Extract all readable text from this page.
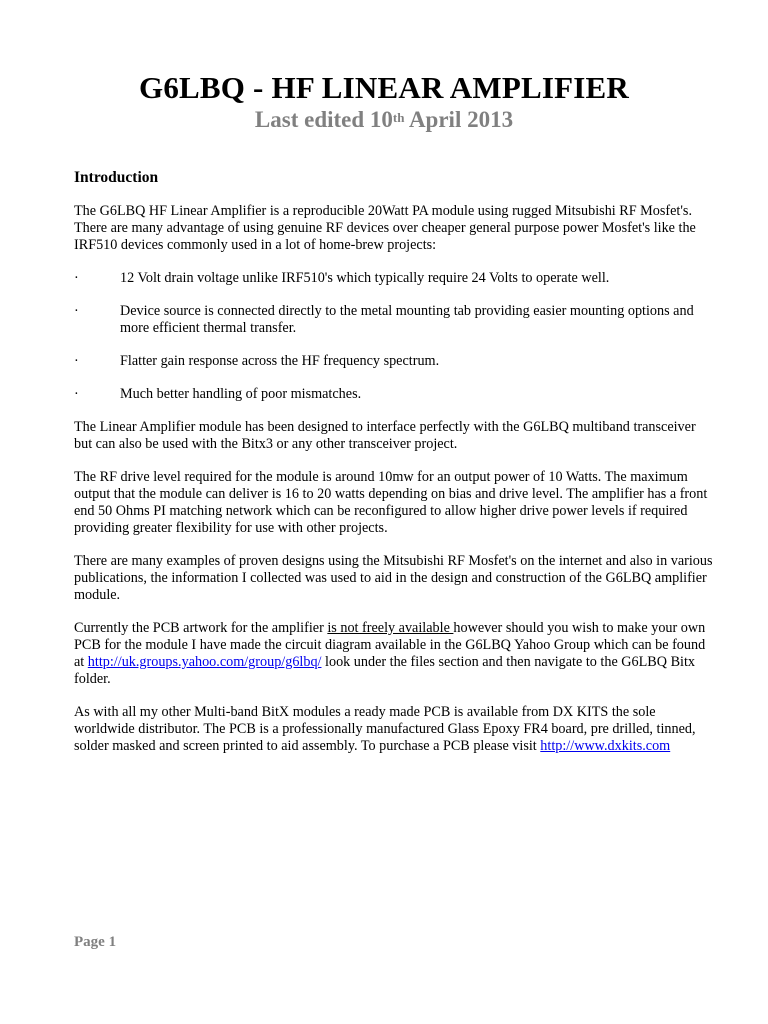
G6LBQ - HF LINEAR AMPLIFIER
Last edited 10th April 2013
Introduction

The G6LBQ HF Linear Amplifier is a reproducible 20Watt PA module using rugged Mitsubishi RF Mosfet's. There are many advantage of using genuine RF devices over cheaper general purpose power Mosfet's like the IRF510 devices commonly used in a lot of home-brew projects:

·	12 Volt drain voltage unlike IRF510's which typically require 24 Volts to operate well.
·	Device source is connected directly to the metal mounting tab providing easier mounting options and more efficient thermal transfer.
·	Flatter gain response across the HF frequency spectrum.
·	Much better handling of poor mismatches.

The Linear Amplifier module has been designed to interface perfectly with the G6LBQ multiband transceiver but can also be used with the Bitx3 or any other transceiver project.

The RF drive level required for the module is around 10mw for an output power of 10 Watts. The maximum output that the module can deliver is 16 to 20 watts depending on bias and drive level. The amplifier has a front end 50 Ohms PI matching network which can be reconfigured to allow higher drive power levels if required providing greater flexibility for use with other projects.

There are many examples of proven designs using the Mitsubishi RF Mosfet's on the internet and also in various publications, the information I collected was used to aid in the design and construction of the G6LBQ amplifier module.

Currently the PCB artwork for the amplifier is not freely available however should you wish to make your own PCB for the module I have made the circuit diagram available in the G6LBQ Yahoo Group which can be found at http://uk.groups.yahoo.com/group/g6lbq/ look under the files section and then navigate to the G6LBQ Bitx folder.

As with all my other Multi-band BitX modules a ready made PCB is available from DX KITS the sole worldwide distributor. The PCB is a professionally manufactured Glass Epoxy FR4 board, pre drilled, tinned, solder masked and screen printed to aid assembly. To purchase a PCB please visit http://www.dxkits.com

Page 1
